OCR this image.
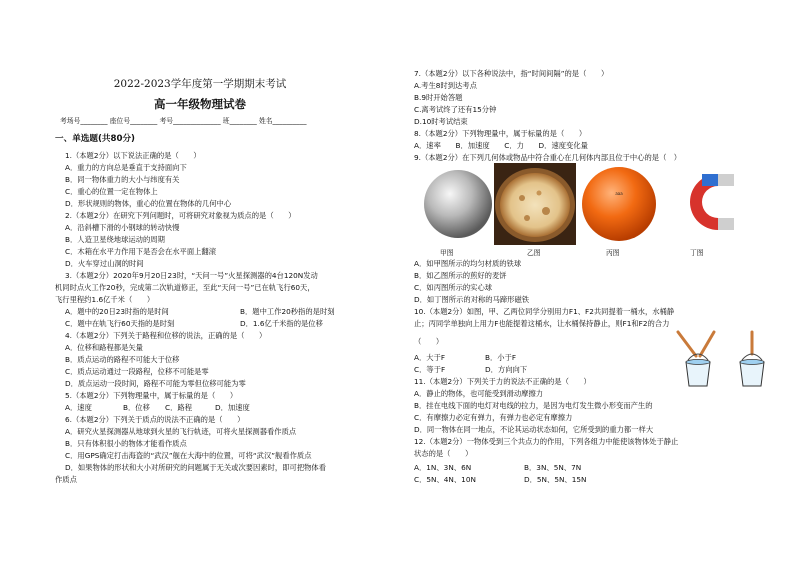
2022-2023学年度第一学期期末考试
高一年级物理试卷
考场号________ 座位号________ 考号______________ 班________ 姓名__________
一、单选题(共80分)
1.（本题2分）以下说法正确的是（　　）
A．重力的方向总是垂直于支持面向下
B．同一物体重力的大小与纬度有关
C．重心的位置一定在物体上
D．形状规则的物体，重心的位置在物体的几何中心
2.（本题2分）在研究下列问题时，可将研究对象视为质点的是（　　）
A．沿斜槽下滑的小钢球的转动快慢
B．人造卫星绕地球运动的周期
C．木箱在水平力作用下是否会在水平面上翻滚
D．火车穿过山洞的时间
3.（本题2分）2020年9月20日23时，“天问一号”火星探测器的4台120N发动
机同时点火工作20秒，完成第二次轨道修正，至此“天问一号”已在轨飞行60天，
飞行里程约1.6亿千米（　　）
A．题中的20日23时指的是时间	B．题中工作20秒指的是时刻
C．题中在轨飞行60天指的是时刻	D．1.6亿千米指的是位移
4.（本题2分）下列关于路程和位移的说法，正确的是（　　）
A．位移和路程都是矢量
B．质点运动的路程不可能大于位移
C．质点运动通过一段路程，位移不可能是零
D．质点运动一段时间，路程不可能为零但位移可能为零
5.（本题2分）下列物理量中，属于标量的是（　　）
A．速度	B．位移 C．路程	D．加速度
6.（本题2分）下列关于质点的说法不正确的是（　　）
A．研究火星探测器从地球到火星的飞行轨迹，可将火星探测器看作质点
B．只有体积很小的物体才能看作质点
C．用GPS确定打击海盗的“武汉”舰在大海中的位置，可将“武汉”舰看作质点
D．如果物体的形状和大小对所研究的问题属于无关或次要因素时，即可把物体看
作质点
7.（本题2分）以下各种说法中，指“时间间隔”的是（　　）
A.考生8时到达考点
B.9时开始答题
C.离考试终了还有15分钟
D.10时考试结束
8.（本题2分）下列物理量中，属于标量的是（　　）
A．速率　　B．加速度　　C．力　　D．速度变化量
9.（本题2分）在下列几何体或物品中符合重心在几何体内部且位于中心的是（　）
aaa
甲图	乙图	丙图	丁图
A．如甲图所示的均匀材质的铁球
B．如乙图所示的煎好的麦饼
C．如丙图所示的实心球
D．如丁图所示的对称的马蹄形磁铁
10.（本题2分）如图，甲、乙两位同学分别用力F1、F2共同提着一桶水，水桶静
止；丙同学单独向上用力F也能提着这桶水，让水桶保持静止，则F1和F2的合力
（　　）
A．大于F	B．小于F
C．等于F	D．方向向下
11.（本题2分）下列关于力的说法不正确的是（　　）
A．静止的物体，也可能受到滑动摩擦力
B．挂在电线下面的电灯对电线的拉力，是因为电灯发生微小形变而产生的
C．有摩擦力必定有弹力，有弹力也必定有摩擦力
D．同一物体在同一地点，不论其运动状态如何，它所受到的重力都一样大
12.（本题2分）一物体受到三个共点力的作用，下列各组力中能使该物体处于静止
状态的是（　　）
A．1N、3N、6N	B．3N、5N、7N
C．5N、4N、10N	D．5N、5N、15N
